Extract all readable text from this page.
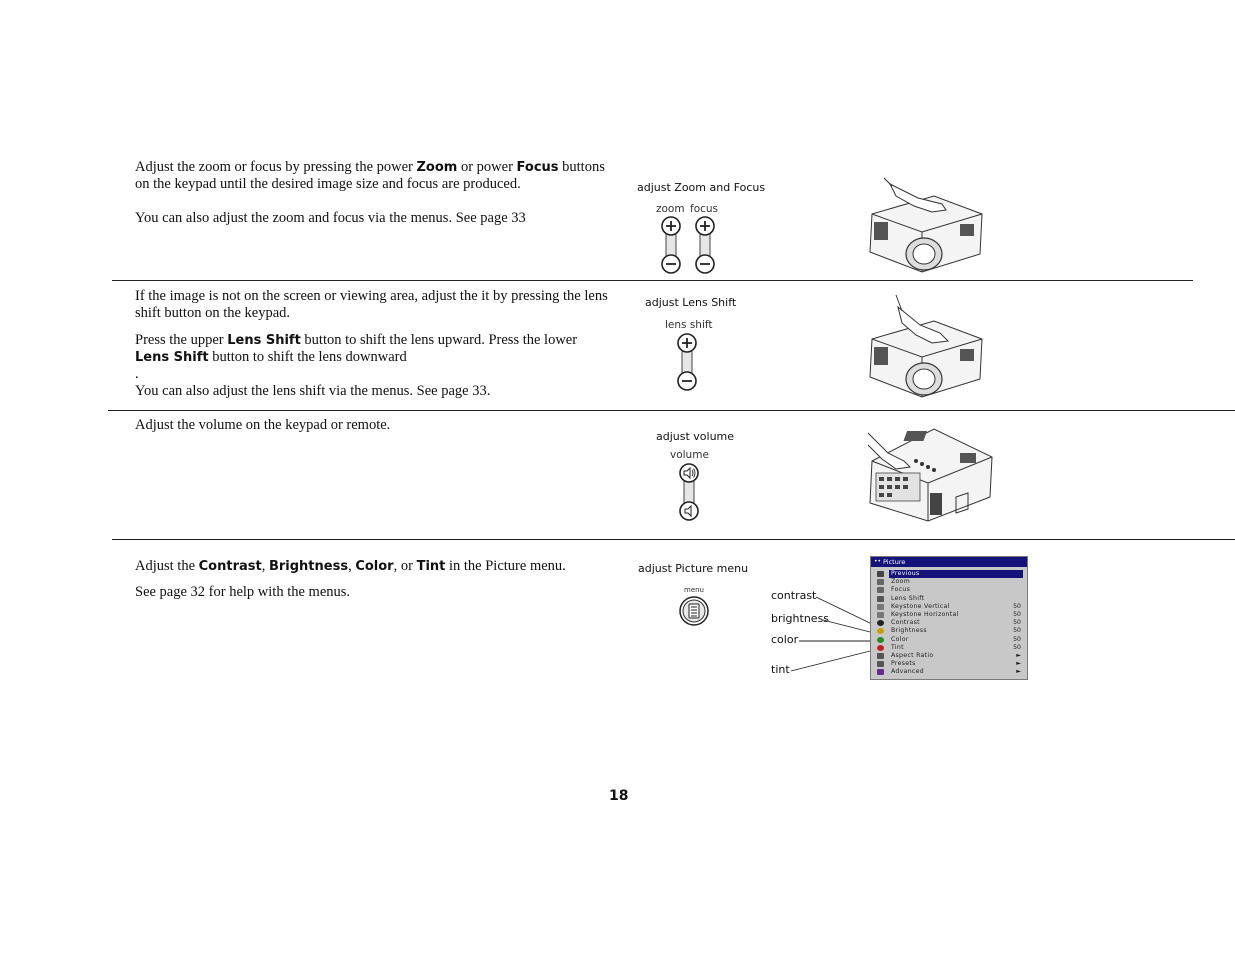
Adjust the zoom or focus by pressing the power Zoom or power Focus buttons on the keypad until the desired image size and focus are produced.

You can also adjust the zoom and focus via the menus. See page 33

adjust Zoom and Focus
zoom focus

If the image is not on the screen or viewing area, adjust the it by pressing the lens shift button on the keypad.

Press the upper Lens Shift button to shift the lens upward. Press the lower Lens Shift button to shift the lens downward

.

You can also adjust the lens shift via the menus. See page 33.

adjust Lens Shift
lens shift

Adjust the volume on the keypad or remote.

adjust volume
volume

Adjust the Contrast, Brightness, Color, or Tint in the Picture menu.

See page 32 for help with the menus.

adjust Picture menu
menu	contrast
brightness
color
tint
•• Picture
Previous
Zoom
Focus
Lens Shift
Keystone Vertical	50
Keystone Horizontal	50
Contrast	50
Brightness	50
Color	50
Tint	50
Aspect Ratio	►
Presets	►
Advanced	►
18
